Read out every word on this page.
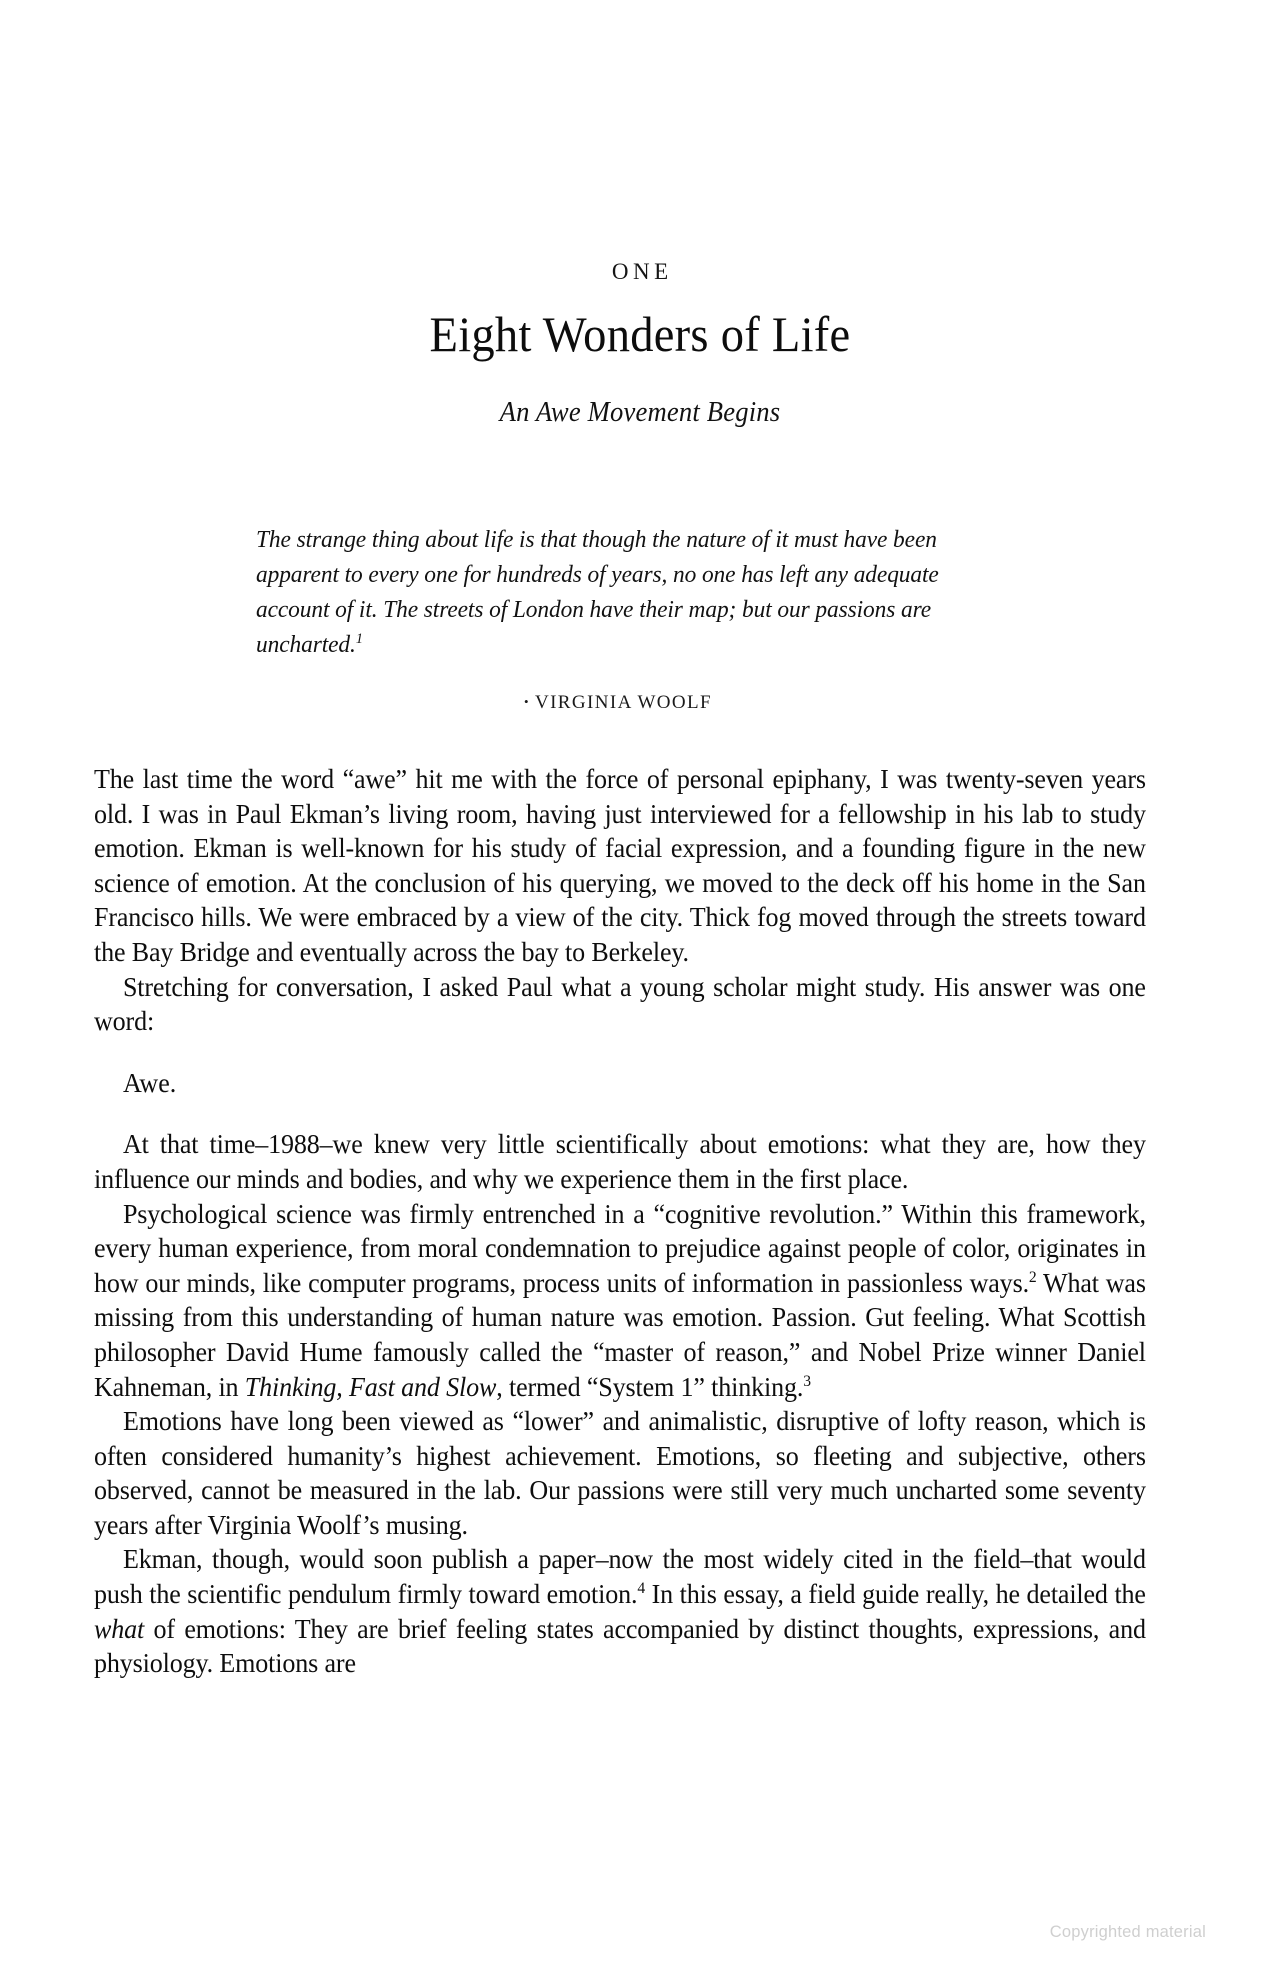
ONE
Eight Wonders of Life
An Awe Movement Begins
The strange thing about life is that though the nature of it must have been apparent to every one for hundreds of years, no one has left any adequate account of it. The streets of London have their map; but our passions are uncharted.$^1$
• VIRGINIA WOOLF

The last time the word “awe” hit me with the force of personal epiphany, I was twenty-seven years old. I was in Paul Ekman’s living room, having just interviewed for a fellowship in his lab to study emotion. Ekman is well-known for his study of facial expression, and a founding figure in the new science of emotion. At the conclusion of his querying, we moved to the deck off his home in the San Francisco hills. We were embraced by a view of the city. Thick fog moved through the streets toward the Bay Bridge and eventually across the bay to Berkeley.

Stretching for conversation, I asked Paul what a young scholar might study. His answer was one word:

Awe.

At that time–1988–we knew very little scientifically about emotions: what they are, how they influence our minds and bodies, and why we experience them in the first place.

Psychological science was firmly entrenched in a “cognitive revolution.” Within this framework, every human experience, from moral condemnation to prejudice against people of color, originates in how our minds, like computer programs, process units of information in passionless ways.$^2$ What was missing from this understanding of human nature was emotion. Passion. Gut feeling. What Scottish philosopher David Hume famously called the “master of reason,” and Nobel Prize winner Daniel Kahneman, in Thinking, Fast and Slow, termed “System 1” thinking.$^3$

Emotions have long been viewed as “lower” and animalistic, disruptive of lofty reason, which is often considered humanity’s highest achievement. Emotions, so fleeting and subjective, others observed, cannot be measured in the lab. Our passions were still very much uncharted some seventy years after Virginia Woolf’s musing.

Ekman, though, would soon publish a paper–now the most widely cited in the field–that would push the scientific pendulum firmly toward emotion.$^4$ In this essay, a field guide really, he detailed the what of emotions: They are brief feeling states accompanied by distinct thoughts, expressions, and physiology. Emotions are

Copyrighted material
